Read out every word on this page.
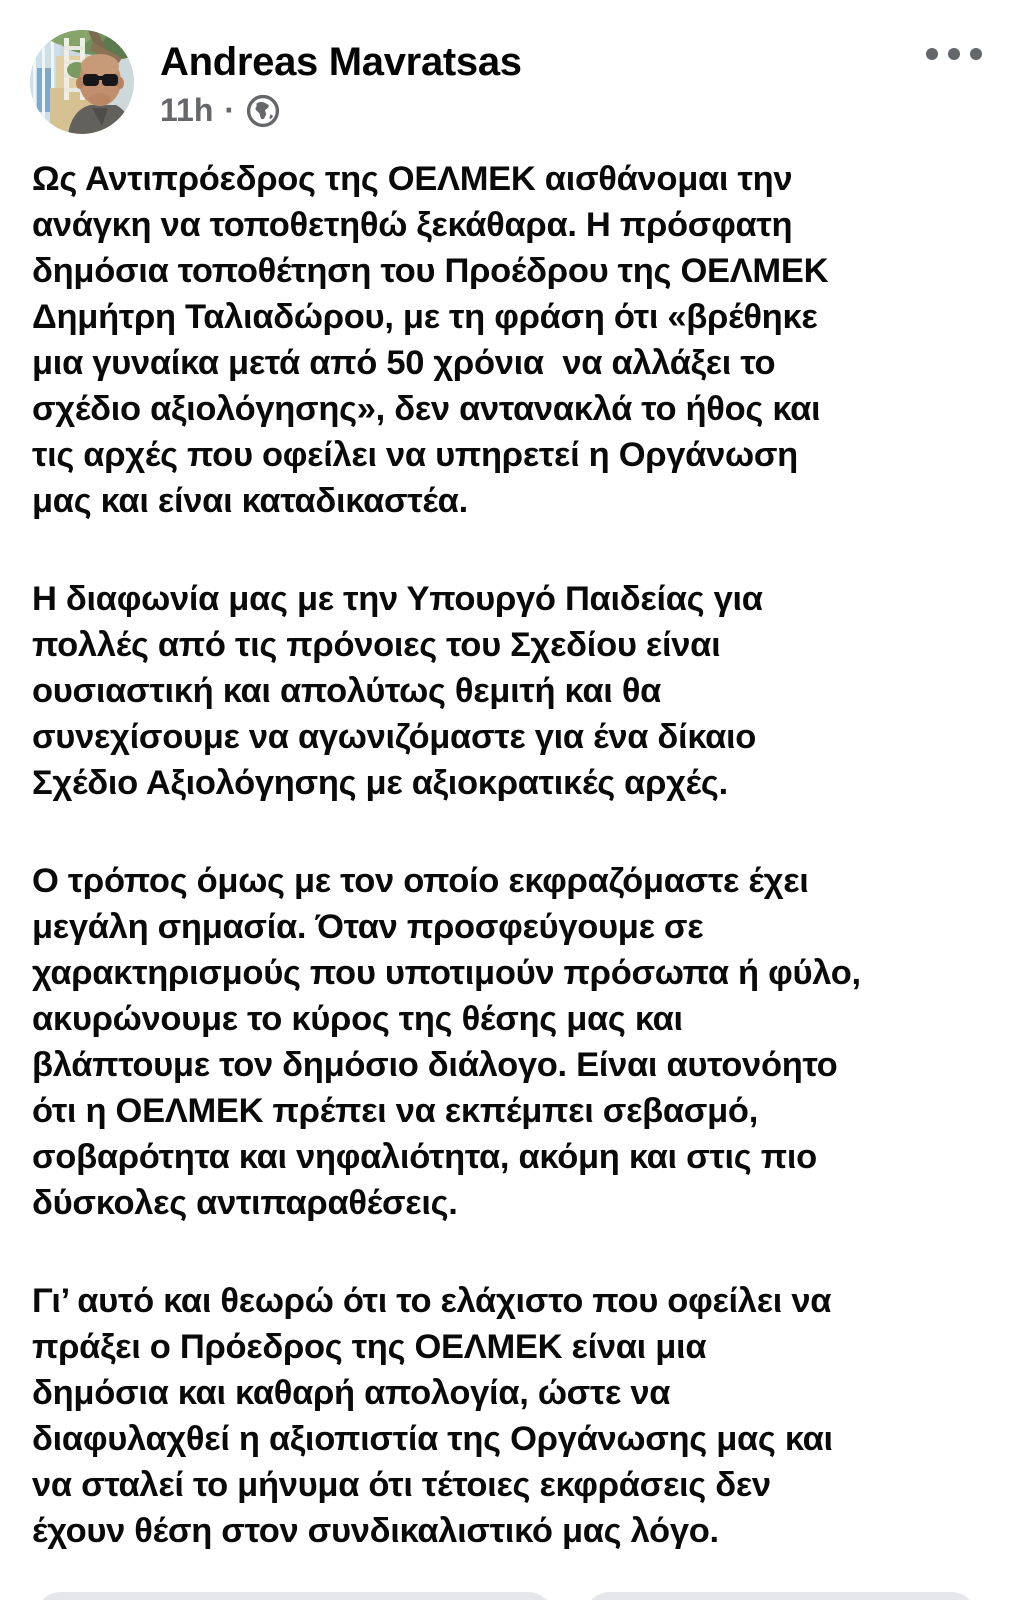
Andreas Mavratsas
11h ·
Ως Αντιπρόεδρος της ΟΕΛΜΕΚ αισθάνομαι την
ανάγκη να τοποθετηθώ ξεκάθαρα. Η πρόσφατη
δημόσια τοποθέτηση του Προέδρου της ΟΕΛΜΕΚ
Δημήτρη Ταλιαδώρου, με τη φράση ότι «βρέθηκε
μια γυναίκα μετά από 50 χρόνια  να αλλάξει το
σχέδιο αξιολόγησης», δεν αντανακλά το ήθος και
τις αρχές που οφείλει να υπηρετεί η Οργάνωση
μας και είναι καταδικαστέα.
Η διαφωνία μας με την Υπουργό Παιδείας για
πολλές από τις πρόνοιες του Σχεδίου είναι
ουσιαστική και απολύτως θεμιτή και θα
συνεχίσουμε να αγωνιζόμαστε για ένα δίκαιο
Σχέδιο Αξιολόγησης με αξιοκρατικές αρχές.
Ο τρόπος όμως με τον οποίο εκφραζόμαστε έχει
μεγάλη σημασία. Όταν προσφεύγουμε σε
χαρακτηρισμούς που υποτιμούν πρόσωπα ή φύλο,
ακυρώνουμε το κύρος της θέσης μας και
βλάπτουμε τον δημόσιο διάλογο. Είναι αυτονόητο
ότι η ΟΕΛΜΕΚ πρέπει να εκπέμπει σεβασμό,
σοβαρότητα και νηφαλιότητα, ακόμη και στις πιο
δύσκολες αντιπαραθέσεις.
Γι’ αυτό και θεωρώ ότι το ελάχιστο που οφείλει να
πράξει ο Πρόεδρος της ΟΕΛΜΕΚ είναι μια
δημόσια και καθαρή απολογία, ώστε να
διαφυλαχθεί η αξιοπιστία της Οργάνωσης μας και
να σταλεί το μήνυμα ότι τέτοιες εκφράσεις δεν
έχουν θέση στον συνδικαλιστικό μας λόγο.
